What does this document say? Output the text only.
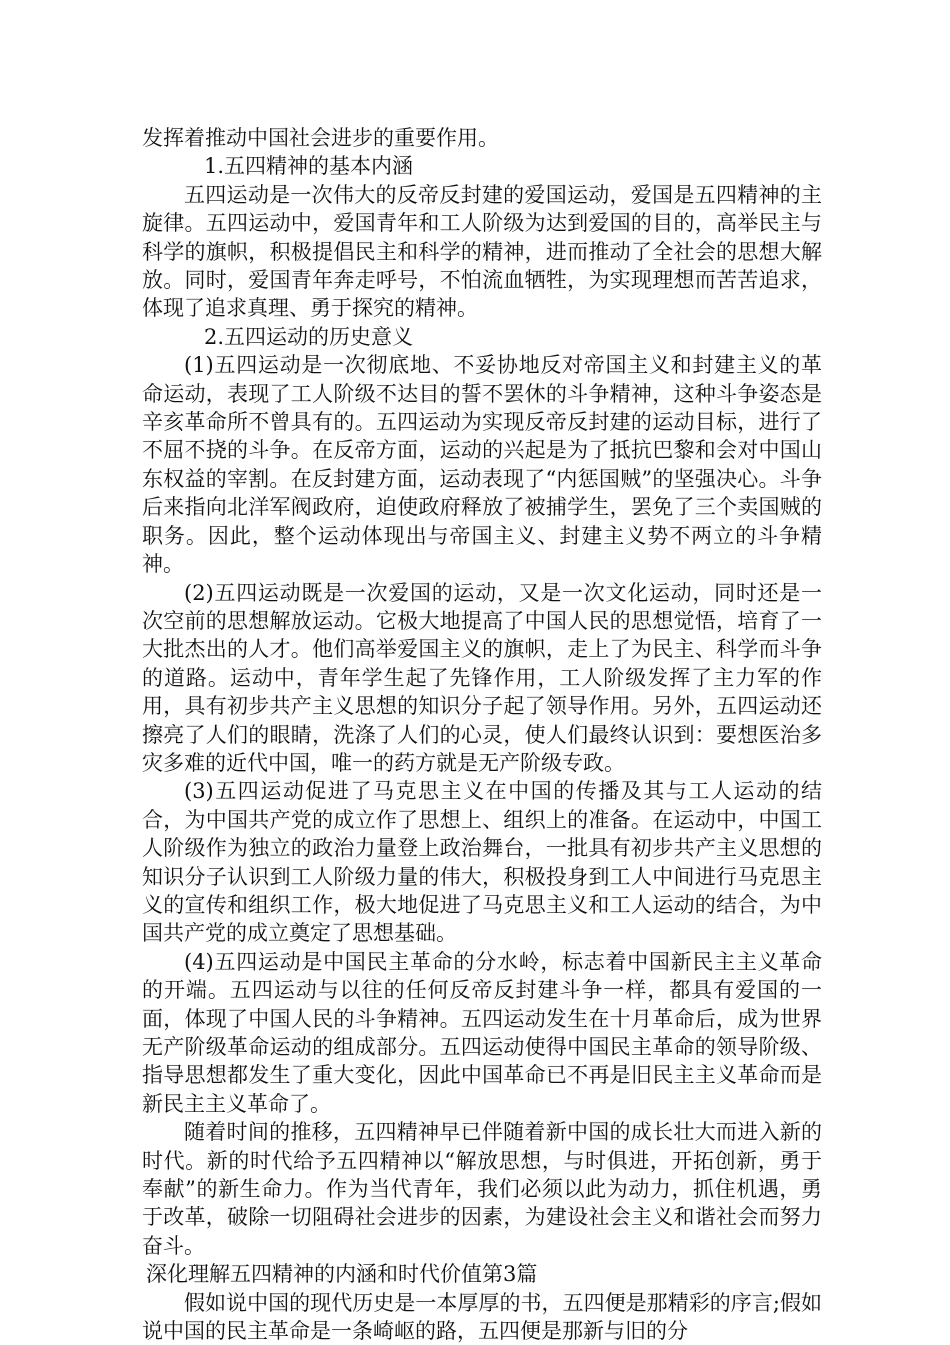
发挥着推动中国社会进步的重要作用。

1.五四精神的基本内涵

五四运动是一次伟大的反帝反封建的爱国运动，爱国是五四精神的主旋律。五四运动中，爱国青年和工人阶级为达到爱国的目的，高举民主与科学的旗帜，积极提倡民主和科学的精神，进而推动了全社会的思想大解放。同时，爱国青年奔走呼号，不怕流血牺牲，为实现理想而苦苦追求，体现了追求真理、勇于探究的精神。

2.五四运动的历史意义

(1)五四运动是一次彻底地、不妥协地反对帝国主义和封建主义的革命运动，表现了工人阶级不达目的誓不罢休的斗争精神，这种斗争姿态是辛亥革命所不曾具有的。五四运动为实现反帝反封建的运动目标，进行了不屈不挠的斗争。在反帝方面，运动的兴起是为了抵抗巴黎和会对中国山东权益的宰割。在反封建方面，运动表现了“内惩国贼”的坚强决心。斗争后来指向北洋军阀政府，迫使政府释放了被捕学生，罢免了三个卖国贼的职务。因此，整个运动体现出与帝国主义、封建主义势不两立的斗争精神。

(2)五四运动既是一次爱国的运动，又是一次文化运动，同时还是一次空前的思想解放运动。它极大地提高了中国人民的思想觉悟，培育了一大批杰出的人才。他们高举爱国主义的旗帜，走上了为民主、科学而斗争的道路。运动中，青年学生起了先锋作用，工人阶级发挥了主力军的作用，具有初步共产主义思想的知识分子起了领导作用。另外，五四运动还擦亮了人们的眼睛，洗涤了人们的心灵，使人们最终认识到：要想医治多灾多难的近代中国，唯一的药方就是无产阶级专政。

(3)五四运动促进了马克思主义在中国的传播及其与工人运动的结合，为中国共产党的成立作了思想上、组织上的准备。在运动中，中国工人阶级作为独立的政治力量登上政治舞台，一批具有初步共产主义思想的知识分子认识到工人阶级力量的伟大，积极投身到工人中间进行马克思主义的宣传和组织工作，极大地促进了马克思主义和工人运动的结合，为中国共产党的成立奠定了思想基础。

(4)五四运动是中国民主革命的分水岭，标志着中国新民主主义革命的开端。五四运动与以往的任何反帝反封建斗争一样，都具有爱国的一面，体现了中国人民的斗争精神。五四运动发生在十月革命后，成为世界无产阶级革命运动的组成部分。五四运动使得中国民主革命的领导阶级、指导思想都发生了重大变化，因此中国革命已不再是旧民主主义革命而是新民主主义革命了。

随着时间的推移，五四精神早已伴随着新中国的成长壮大而进入新的时代。新的时代给予五四精神以“解放思想，与时俱进，开拓创新，勇于奉献”的新生命力。作为当代青年，我们必须以此为动力，抓住机遇，勇于改革，破除一切阻碍社会进步的因素，为建设社会主义和谐社会而努力奋斗。

深化理解五四精神的内涵和时代价值第3篇

假如说中国的现代历史是一本厚厚的书，五四便是那精彩的序言;假如说中国的民主革命是一条崎岖的路，五四便是那新与旧的分
